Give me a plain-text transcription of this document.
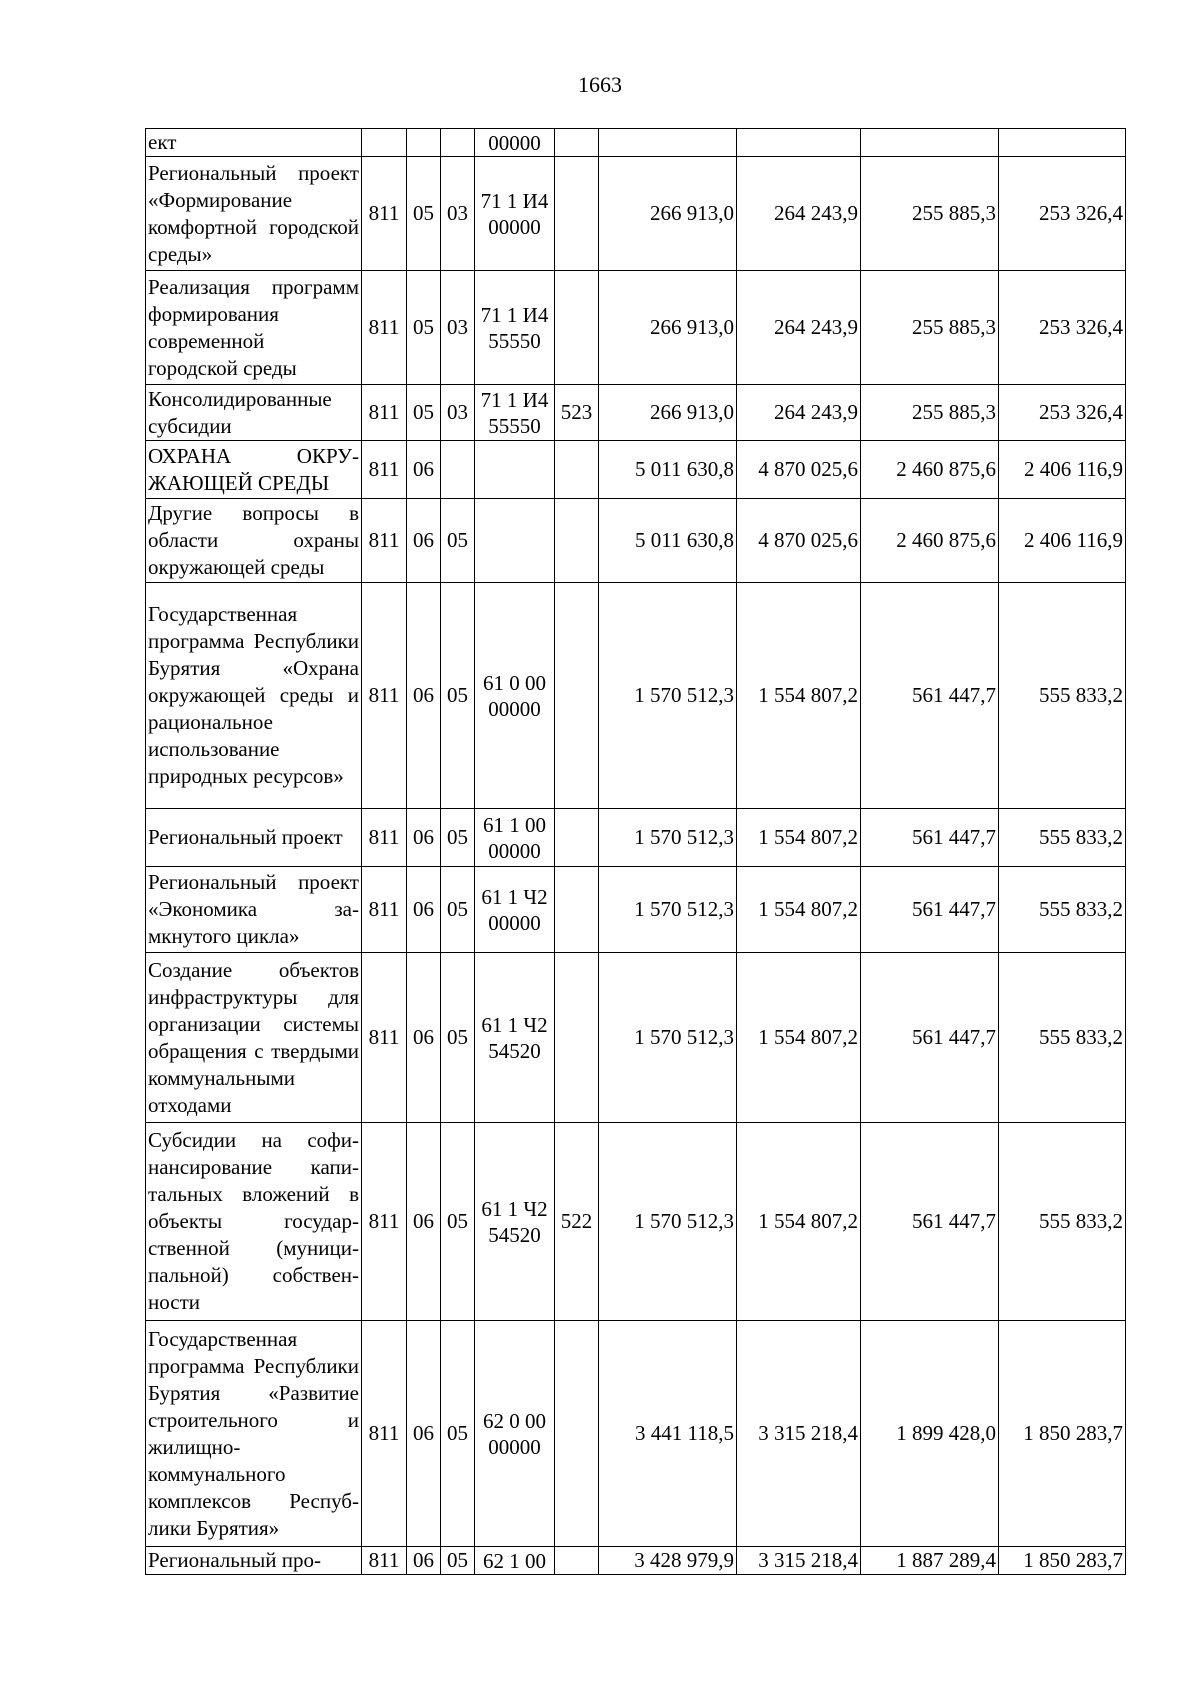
1663
ект				00000					
Региональный проект «Формирование комфортной городской среды»	811	05	03	71 1 И4 00000		266 913,0	264 243,9	255 885,3	253 326,4
Реализация программ формирования современной городской среды	811	05	03	71 1 И4 55550		266 913,0	264 243,9	255 885,3	253 326,4
Консолидированные субсидии	811	05	03	71 1 И4 55550	523	266 913,0	264 243,9	255 885,3	253 326,4
ОХРАНА ОКРУЖАЮЩЕЙ СРЕДЫ	811	06				5 011 630,8	4 870 025,6	2 460 875,6	2 406 116,9
Другие вопросы в области охраны окружающей среды	811	06	05			5 011 630,8	4 870 025,6	2 460 875,6	2 406 116,9
Государственная программа Республики Бурятия «Охрана окружающей среды и рациональное использование природных ресурсов»	811	06	05	61 0 00 00000		1 570 512,3	1 554 807,2	561 447,7	555 833,2
Региональный проект	811	06	05	61 1 00 00000		1 570 512,3	1 554 807,2	561 447,7	555 833,2
Региональный проект «Экономика замкнутого цикла»	811	06	05	61 1 Ч2 00000		1 570 512,3	1 554 807,2	561 447,7	555 833,2
Создание объектов инфраструктуры для организации системы обращения с твердыми коммунальными отходами	811	06	05	61 1 Ч2 54520		1 570 512,3	1 554 807,2	561 447,7	555 833,2
Субсидии на софинансирование капитальных вложений в объекты государственной (муниципальной) собственности	811	06	05	61 1 Ч2 54520	522	1 570 512,3	1 554 807,2	561 447,7	555 833,2
Государственная программа Республики Бурятия «Развитие строительного и жилищно-коммунального комплексов Республики Бурятия»	811	06	05	62 0 00 00000		3 441 118,5	3 315 218,4	1 899 428,0	1 850 283,7
Региональный про-	811	06	05	62 1 00		3 428 979,9	3 315 218,4	1 887 289,4	1 850 283,7
